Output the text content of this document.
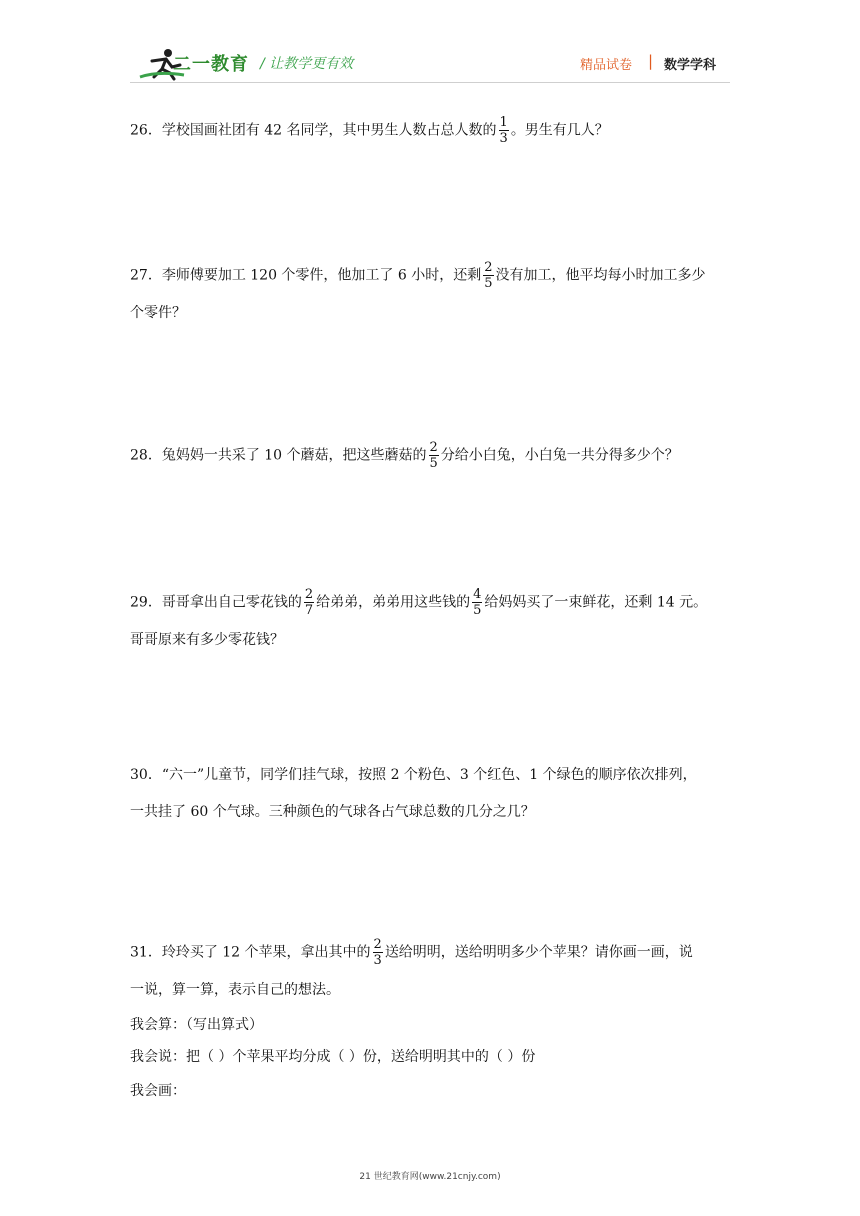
二一教育 / 让教学更有效	精品试卷 | 数学学科
26．学校国画社团有 42 名同学，其中男生人数占总人数的 $\frac{1}{3}$ 。男生有几人？
27．李师傅要加工 120 个零件，他加工了 6 小时，还剩 $\frac{2}{5}$ 没有加工，他平均每小时加工多少
个零件？
28．兔妈妈一共采了 10 个蘑菇，把这些蘑菇的 $\frac{2}{5}$ 分给小白兔，小白兔一共分得多少个？
29．哥哥拿出自己零花钱的 $\frac{2}{7}$ 给弟弟，弟弟用这些钱的 $\frac{4}{5}$ 给妈妈买了一束鲜花，还剩 14 元。
哥哥原来有多少零花钱？
30．“六一”儿童节，同学们挂气球，按照 2 个粉色、3 个红色、1 个绿色的顺序依次排列，
一共挂了 60 个气球。三种颜色的气球各占气球总数的几分之几？
31．玲玲买了 12 个苹果，拿出其中的 $\frac{2}{3}$ 送给明明，送给明明多少个苹果？请你画一画，说
一说，算一算，表示自己的想法。
我会算：（写出算式）
我会说：把（ ）个苹果平均分成（ ）份，送给明明其中的（ ）份
我会画：
21 世纪教育网(www.21cnjy.com)
